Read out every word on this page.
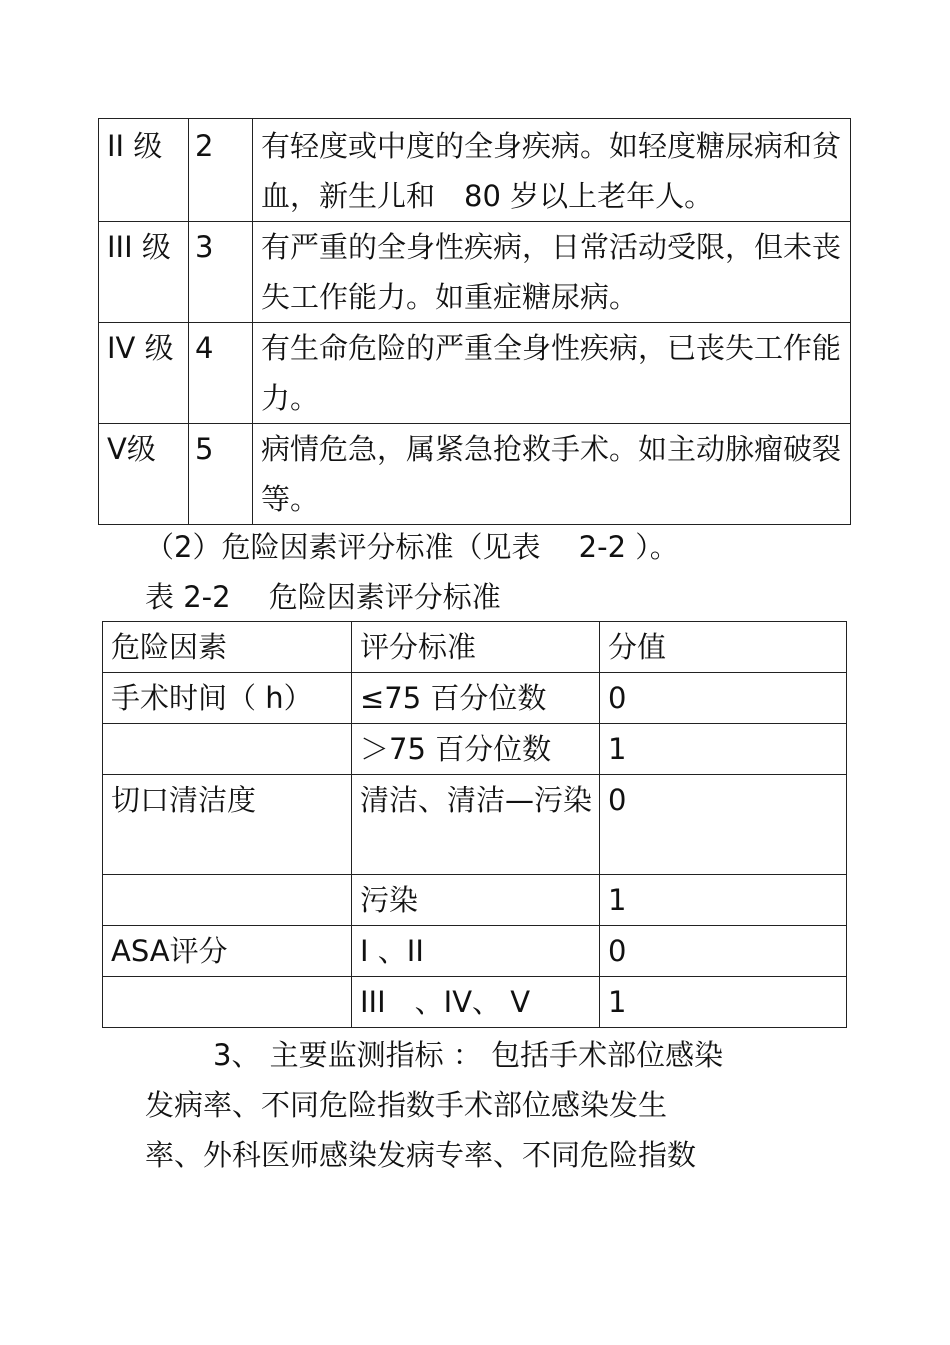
II 级	2	有轻度或中度的全身疾病。如轻度糖尿病和贫血，新生儿和　80 岁以上老年人。
III 级	3	有严重的全身性疾病，日常活动受限，但未丧失工作能力。如重症糖尿病。
IV 级	4	有生命危险的严重全身性疾病，已丧失工作能力。
V级	5	病情危急，属紧急抢救手术。如主动脉瘤破裂等。

（2）危险因素评分标准（见表　 2-2 ）。

表 2-2　 危险因素评分标准

危险因素	评分标准	分值
手术时间（ h）	≤75 百分位数	0
	＞75 百分位数	1
切口清洁度	清洁、清洁—污染	0
	污染	1
ASA评分	I 、II	0
	III　、IV、 V	1
3、 主要监测指标 ： 包括手术部位感染
发病率、不同危险指数手术部位感染发生
率、外科医师感染发病专率、不同危险指数
